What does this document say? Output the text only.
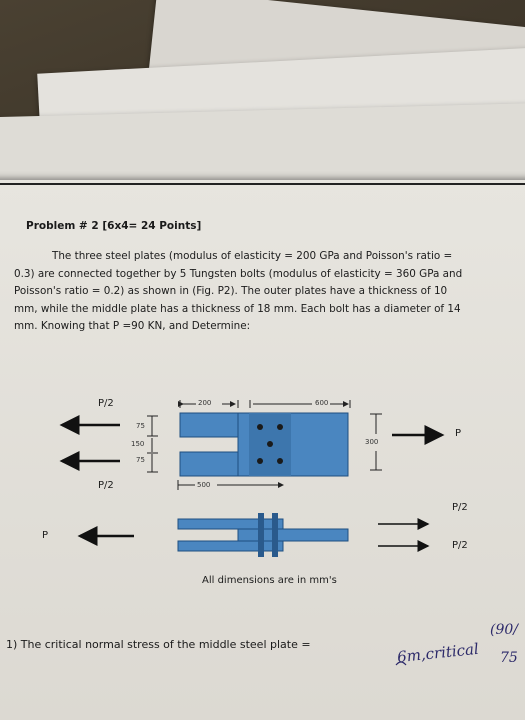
Problem # 2 [6x4= 24 Points]
The three steel plates (modulus of elasticity = 200 GPa and Poisson's ratio =
0.3) are connected together by 5 Tungsten bolts (modulus of elasticity = 360 GPa and
Poisson's ratio = 0.2) as shown in (Fig. P2). The outer plates have a thickness of 10
mm, while the middle plate has a thickness of 18 mm. Each bolt has a diameter of 14
mm. Knowing that P =90 KN, and Determine:
P/2
P/2
P
200	600
500
75
150
75
300
P
P/2
P/2
All dimensions are in mm's
1) The critical normal stress of the middle steel plate =	6m,critical
(90/
75
